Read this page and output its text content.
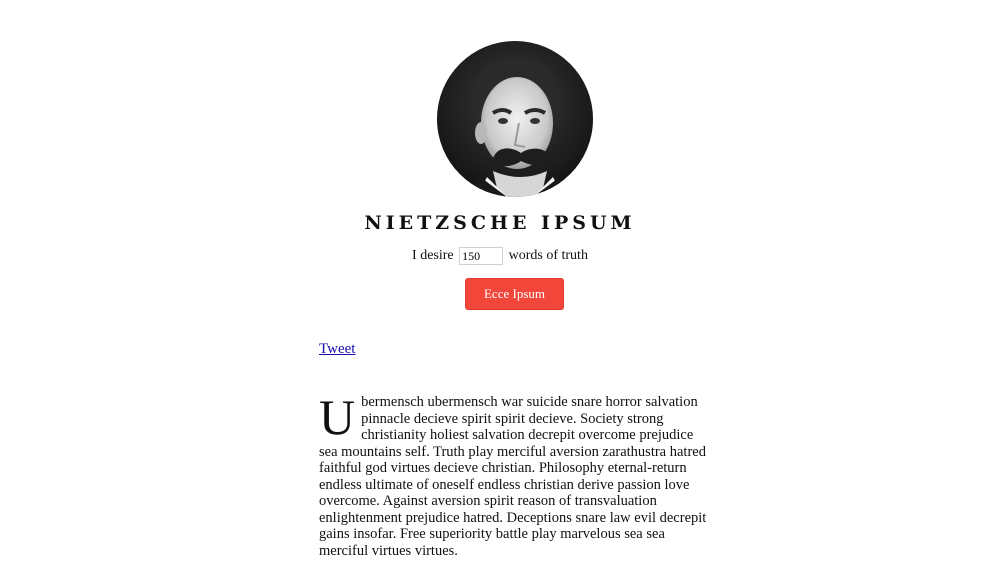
NIETZSCHE IPSUM
I desire 150	words of truth
Ecce Ipsum
Tweet

Ubermensch ubermensch war suicide snare horror salvation pinnacle decieve spirit spirit decieve. Society strong christianity holiest salvation decrepit overcome prejudice sea mountains self. Truth play merciful aversion zarathustra hatred faithful god virtues decieve christian. Philosophy eternal-return endless ultimate of oneself endless christian derive passion love overcome. Against aversion spirit reason of transvaluation enlightenment prejudice hatred. Deceptions snare law evil decrepit gains insofar. Free superiority battle play marvelous sea sea merciful virtues virtues.
